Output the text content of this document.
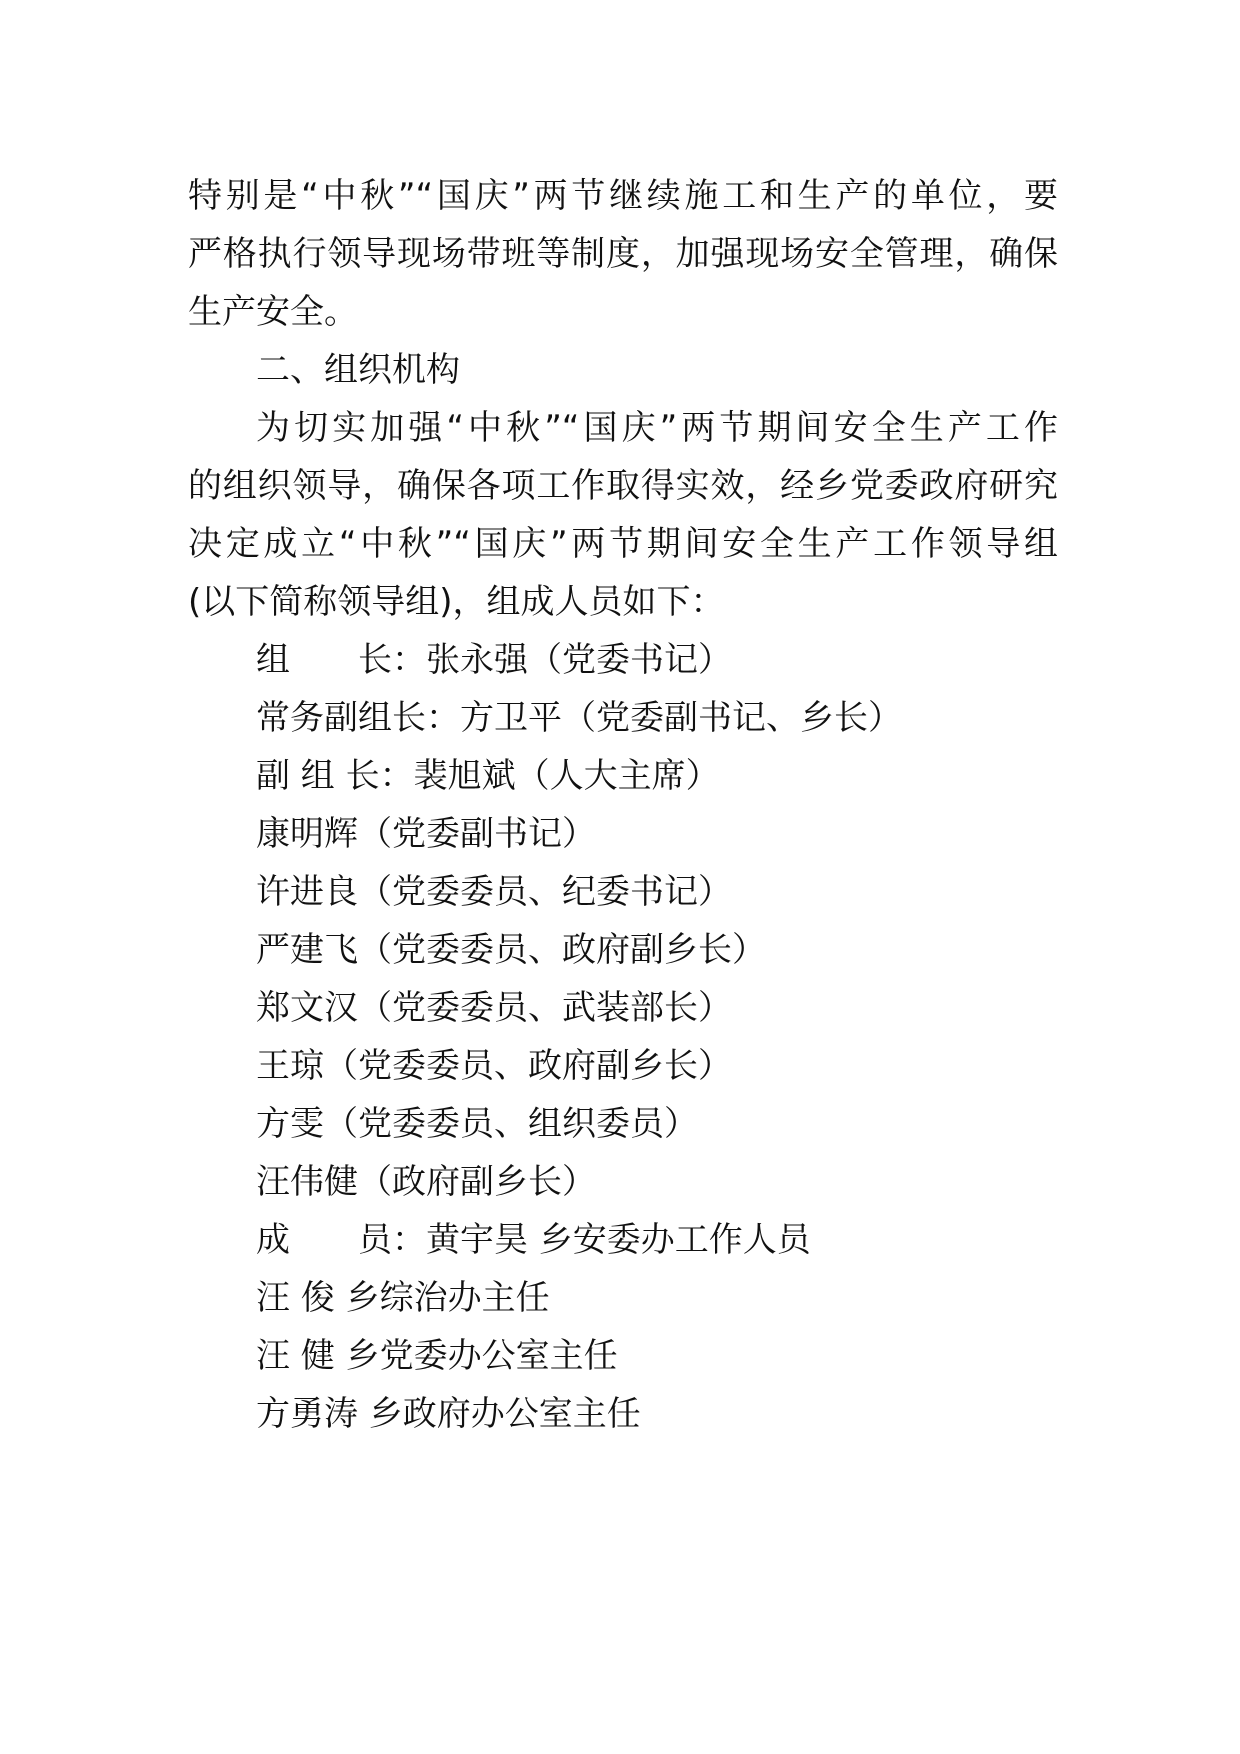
特别是“中秋”“国庆”两节继续施工和生产的单位，要
严格执行领导现场带班等制度，加强现场安全管理，确保
生产安全。
二、组织机构
为切实加强“中秋”“国庆”两节期间安全生产工作
的组织领导，确保各项工作取得实效，经乡党委政府研究
决定成立“中秋”“国庆”两节期间安全生产工作领导组
(以下简称领导组)，组成人员如下：
组　　长：张永强（党委书记）
常务副组长：方卫平（党委副书记、乡长）
副 组 长：裴旭斌（人大主席）
康明辉（党委副书记）
许进良（党委委员、纪委书记）
严建飞（党委委员、政府副乡长）
郑文汉（党委委员、武装部长）
王琼（党委委员、政府副乡长）
方雯（党委委员、组织委员）
汪伟健（政府副乡长）
成　　员：黄宇昊 乡安委办工作人员
汪 俊 乡综治办主任
汪 健 乡党委办公室主任
方勇涛 乡政府办公室主任
